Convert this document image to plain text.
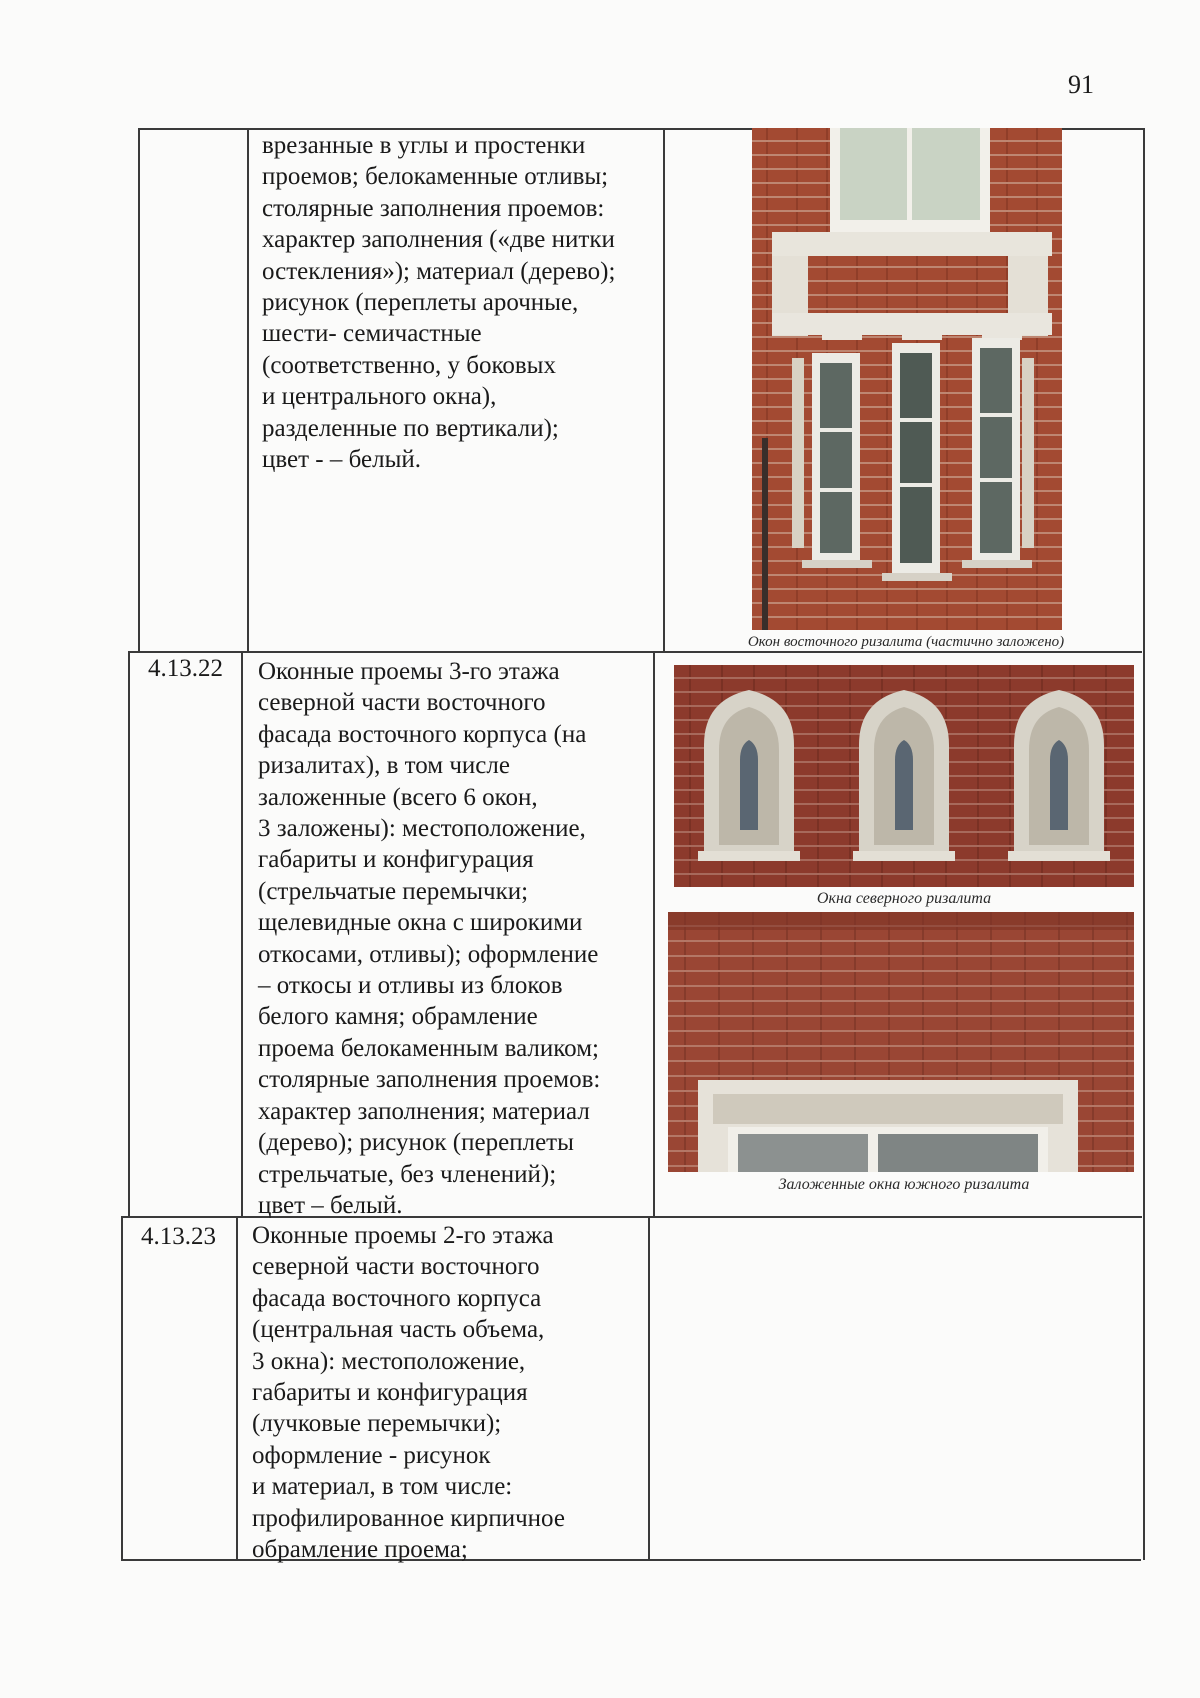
91
врезанные в углы и простенки
проемов; белокаменные отливы;
столярные заполнения проемов:
характер заполнения («две нитки
остекления»); материал (дерево);
рисунок (переплеты арочные,
шести- семичастные
(соответственно, у боковых
и центрального окна),
разделенные по вертикали);
цвет - – белый.
Окон восточного ризалита (частично заложено)
4.13.22 Оконные проемы 3-го этажа
северной части восточного
фасада восточного корпуса (на
ризалитах), в том числе
заложенные (всего 6 окон,
3 заложены): местоположение,
габариты и конфигурация
(стрельчатые перемычки;
щелевидные окна с широкими
откосами, отливы); оформление
– откосы и отливы из блоков
белого камня; обрамление
проема белокаменным валиком;
столярные заполнения проемов:
характер заполнения; материал
(дерево); рисунок (переплеты
стрельчатые, без членений);
цвет – белый.
Окна северного ризалита
Заложенные окна южного ризалита
4.13.23 Оконные проемы 2-го этажа
северной части восточного
фасада восточного корпуса
(центральная часть объема,
3 окна): местоположение,
габариты и конфигурация
(лучковые перемычки);
оформление - рисунок
и материал, в том числе:
профилированное кирпичное
обрамление проема;
